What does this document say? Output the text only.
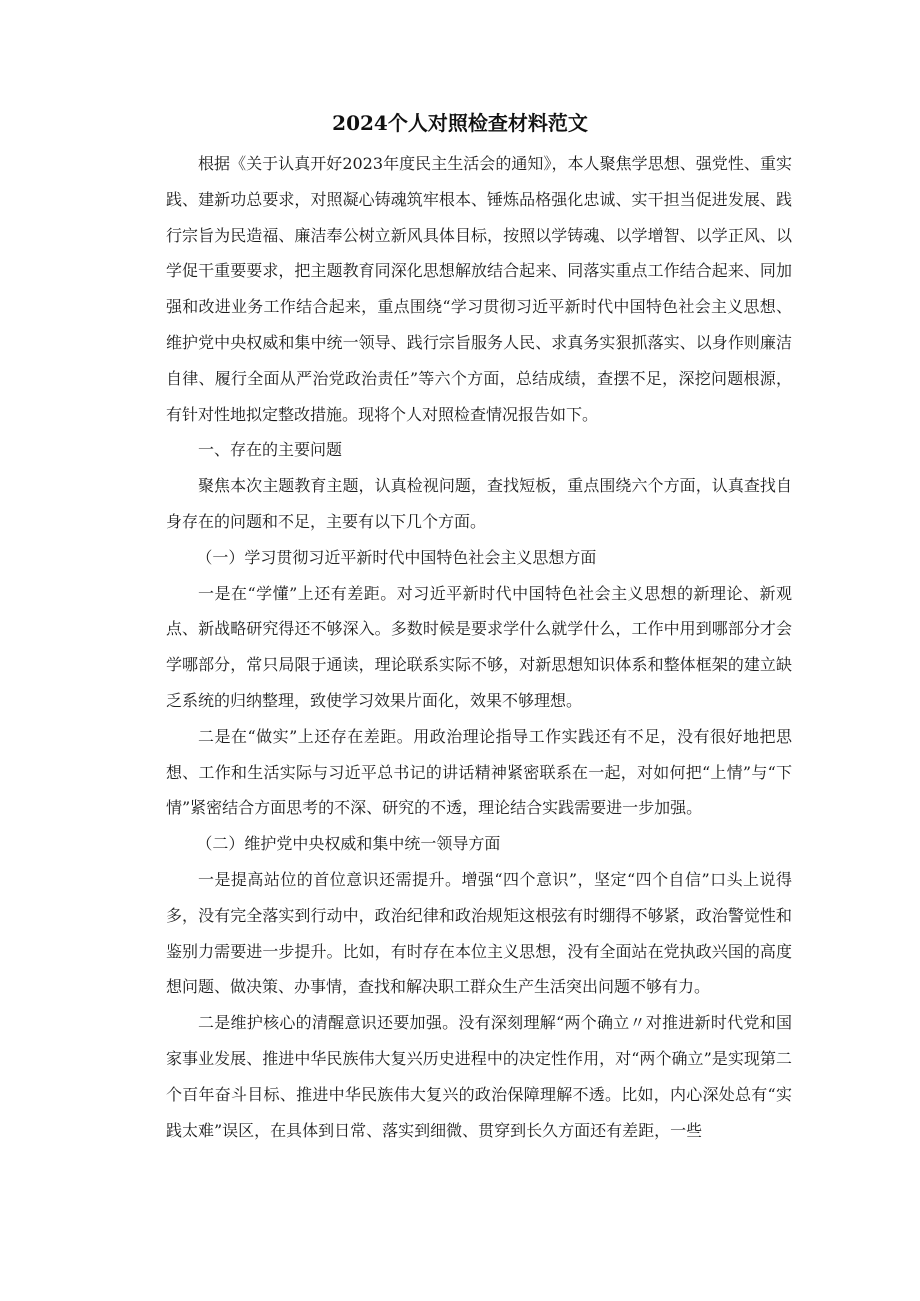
2024个人对照检查材料范文

根据《关于认真开好2023年度民主生活会的通知》，本人聚焦学思想、强党性、重实践、建新功总要求，对照凝心铸魂筑牢根本、锤炼品格强化忠诚、实干担当促进发展、践行宗旨为民造福、廉洁奉公树立新风具体目标，按照以学铸魂、以学增智、以学正风、以学促干重要要求，把主题教育同深化思想解放结合起来、同落实重点工作结合起来、同加强和改进业务工作结合起来，重点围绕“学习贯彻习近平新时代中国特色社会主义思想、维护党中央权威和集中统一领导、践行宗旨服务人民、求真务实狠抓落实、以身作则廉洁自律、履行全面从严治党政治责任”等六个方面，总结成绩，查摆不足，深挖问题根源，有针对性地拟定整改措施。现将个人对照检查情况报告如下。

一、存在的主要问题

聚焦本次主题教育主题，认真检视问题，查找短板，重点围绕六个方面，认真查找自身存在的问题和不足，主要有以下几个方面。

（一）学习贯彻习近平新时代中国特色社会主义思想方面

一是在“学懂”上还有差距。对习近平新时代中国特色社会主义思想的新理论、新观点、新战略研究得还不够深入。多数时候是要求学什么就学什么，工作中用到哪部分才会学哪部分，常只局限于通读，理论联系实际不够，对新思想知识体系和整体框架的建立缺乏系统的归纳整理，致使学习效果片面化，效果不够理想。

二是在“做实”上还存在差距。用政治理论指导工作实践还有不足，没有很好地把思想、工作和生活实际与习近平总书记的讲话精神紧密联系在一起，对如何把“上情”与“下情”紧密结合方面思考的不深、研究的不透，理论结合实践需要进一步加强。

（二）维护党中央权威和集中统一领导方面

一是提高站位的首位意识还需提升。增强“四个意识”，坚定“四个自信”口头上说得多，没有完全落实到行动中，政治纪律和政治规矩这根弦有时绷得不够紧，政治警觉性和鉴别力需要进一步提升。比如，有时存在本位主义思想，没有全面站在党执政兴国的高度想问题、做决策、办事情，查找和解决职工群众生产生活突出问题不够有力。

二是维护核心的清醒意识还要加强。没有深刻理解“两个确立〃对推进新时代党和国家事业发展、推进中华民族伟大复兴历史进程中的决定性作用，对“两个确立”是实现第二个百年奋斗目标、推进中华民族伟大复兴的政治保障理解不透。比如，内心深处总有“实践太难”误区，在具体到日常、落实到细微、贯穿到长久方面还有差距，一些
